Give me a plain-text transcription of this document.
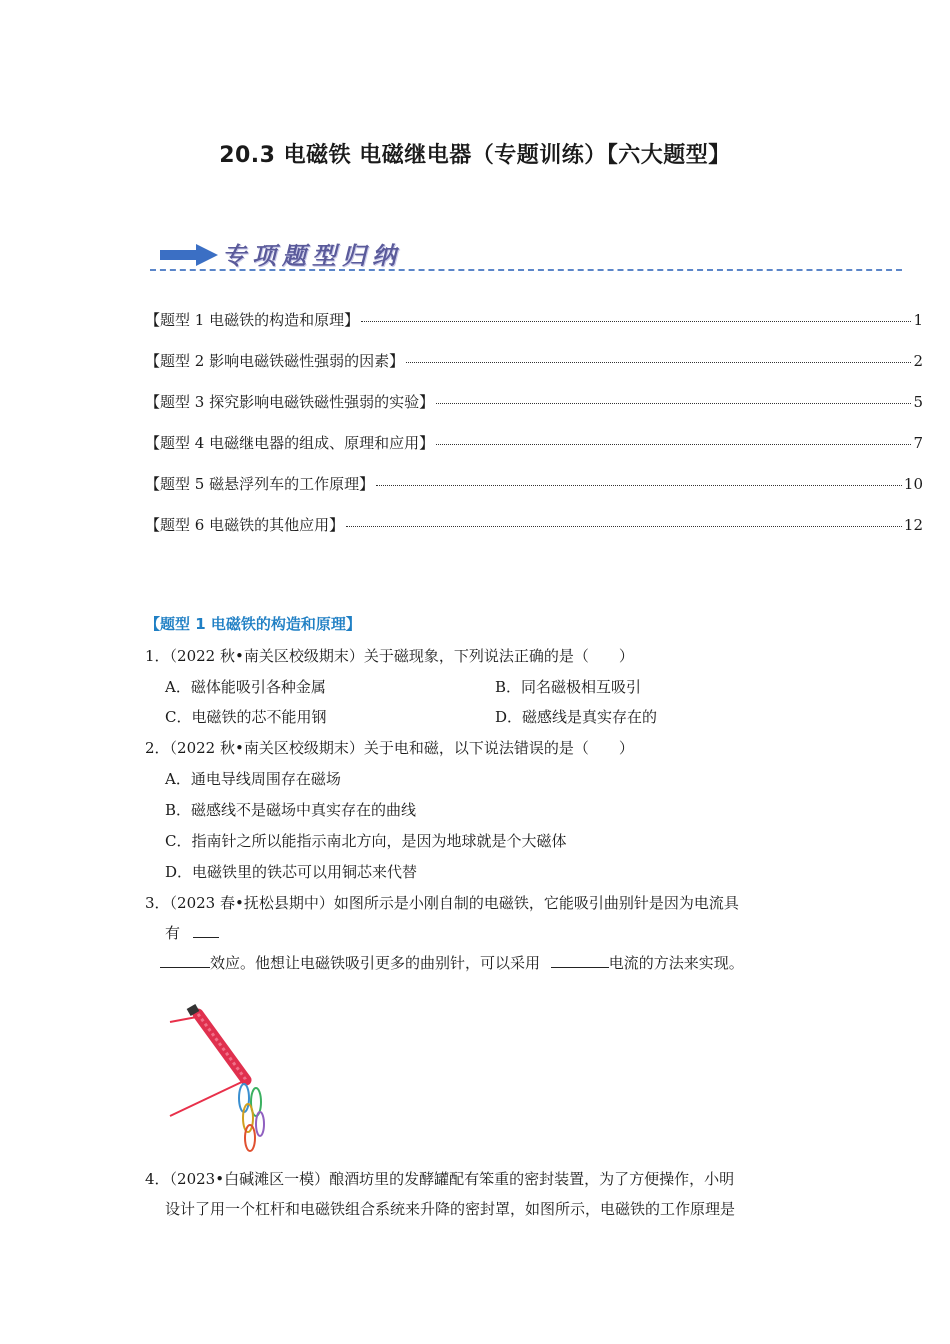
20.3 电磁铁 电磁继电器（专题训练）【六大题型】
专项题型归纳
【题型 1 电磁铁的构造和原理】	1
【题型 2 影响电磁铁磁性强弱的因素】	2
【题型 3 探究影响电磁铁磁性强弱的实验】	5
【题型 4 电磁继电器的组成、原理和应用】	7
【题型 5 磁悬浮列车的工作原理】	10
【题型 6 电磁铁的其他应用】	12
【题型 1 电磁铁的构造和原理】
1．（2022 秋•南关区校级期末）关于磁现象，下列说法正确的是（　　）
A．磁体能吸引各种金属	B．同名磁极相互吸引
C．电磁铁的芯不能用钢	D．磁感线是真实存在的
2．（2022 秋•南关区校级期末）关于电和磁，以下说法错误的是（　　）
A．通电导线周围存在磁场
B．磁感线不是磁场中真实存在的曲线
C．指南针之所以能指示南北方向，是因为地球就是个大磁体
D．电磁铁里的铁芯可以用铜芯来代替
3．（2023 春•抚松县期中）如图所示是小刚自制的电磁铁，它能吸引曲别针是因为电流具
有
效应。他想让电磁铁吸引更多的曲别针，可以采用	电流的方法来实现。
4．（2023•白碱滩区一模）酿酒坊里的发酵罐配有笨重的密封装置，为了方便操作，小明
设计了用一个杠杆和电磁铁组合系统来升降的密封罩，如图所示，电磁铁的工作原理是
